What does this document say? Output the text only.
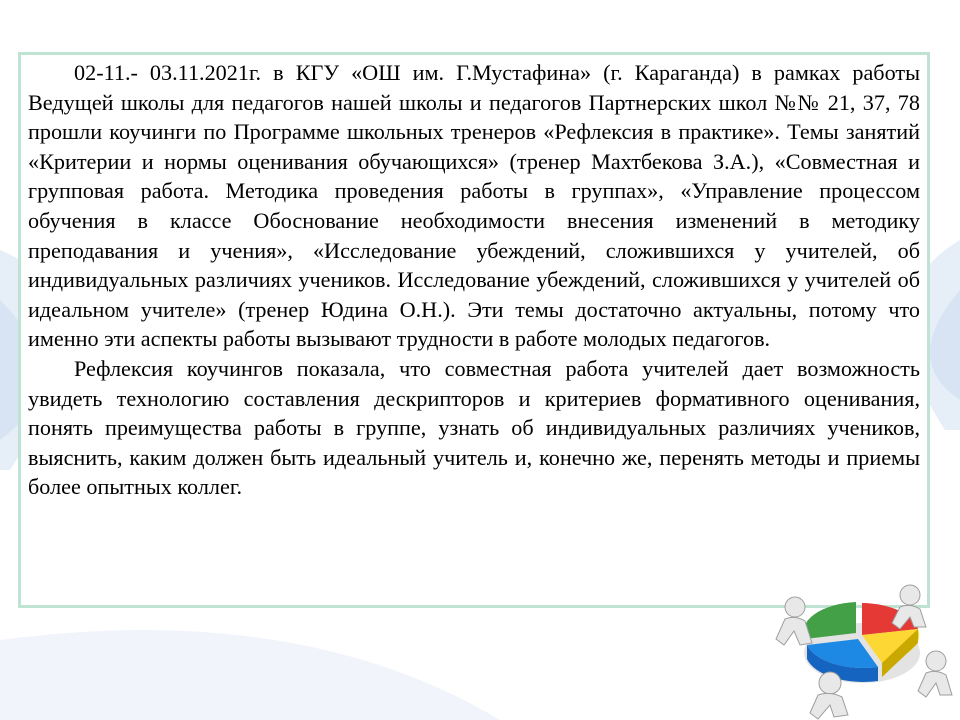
02-11.- 03.11.2021г. в КГУ «ОШ им. Г.Мустафина» (г. Караганда) в рамках работы Ведущей школы для педагогов нашей школы и педагогов Партнерских школ №№ 21, 37, 78 прошли коучинги по Программе школьных тренеров «Рефлексия в практике». Темы занятий «Критерии и нормы оценивания обучающихся» (тренер Махтбекова З.А.), «Совместная и групповая работа. Методика проведения работы в группах», «Управление процессом обучения в классе Обоснование необходимости внесения изменений в методику преподавания и учения», «Исследование убеждений, сложившихся у учителей, об индивидуальных различиях учеников. Исследование убеждений, сложившихся у учителей об идеальном учителе» (тренер Юдина О.Н.). Эти темы достаточно актуальны, потому что именно эти аспекты работы вызывают трудности в работе молодых педагогов.

Рефлексия коучингов показала, что совместная работа учителей дает возможность увидеть технологию составления дескрипторов и критериев формативного оценивания, понять преимущества работы в группе, узнать об индивидуальных различиях учеников, выяснить, каким должен быть идеальный учитель и, конечно же, перенять методы и приемы более опытных коллег.
